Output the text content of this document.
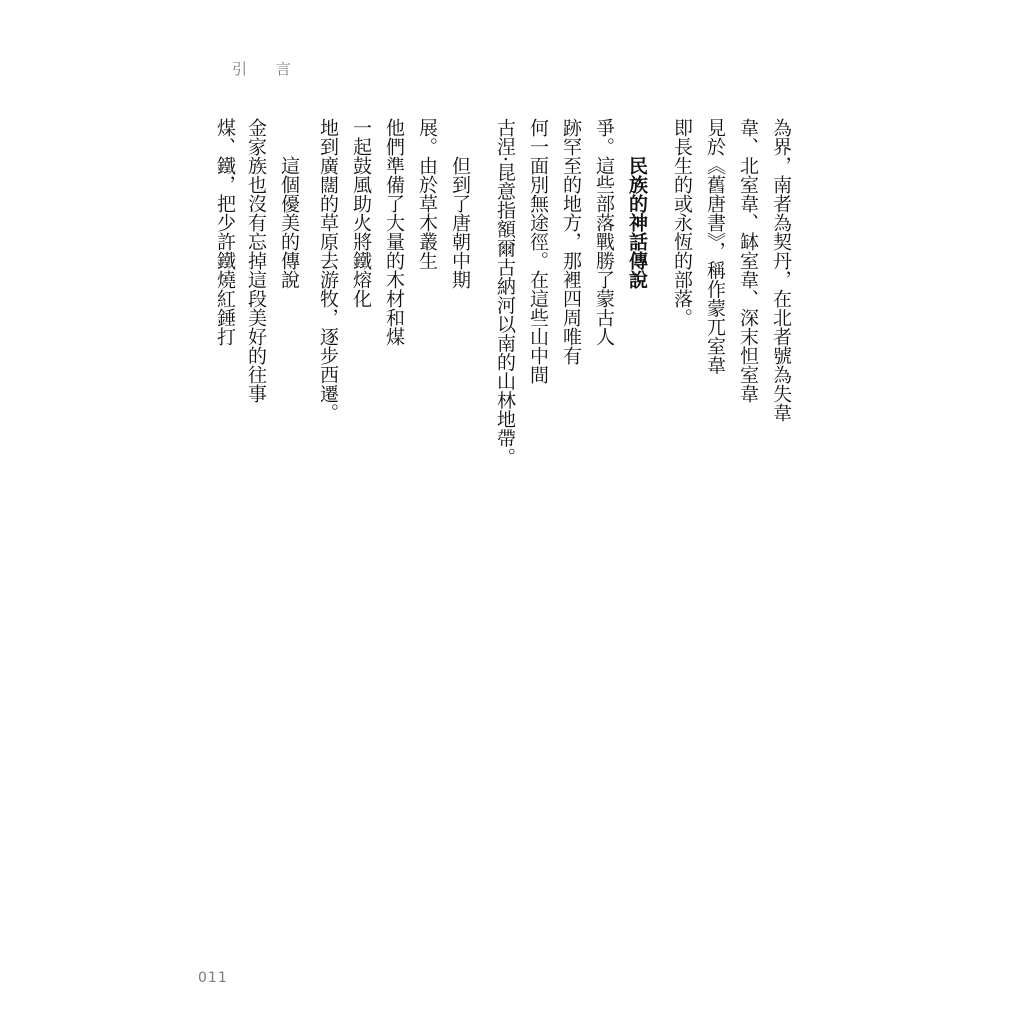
引 言
為界，南者為契丹，在北者號為失韋
韋、北室韋、缽室韋、深末怛室韋
見於《舊唐書》，稱作蒙兀室韋
即長生的或永恆的部落。
民族的神話傳說
爭。這些部落戰勝了蒙古人
跡罕至的地方，那裡四周唯有
何一面別無途徑。在這些山中間
古涅·昆意指額爾古納河以南的山林地帶。
但到了唐朝中期
展。由於草木叢生
他們準備了大量的木材和煤
一起鼓風助火將鐵熔化
地到廣闊的草原去游牧，逐步西遷。
這個優美的傳說
金家族也沒有忘掉這段美好的往事
煤、鐵，把少許鐵燒紅錘打
011
